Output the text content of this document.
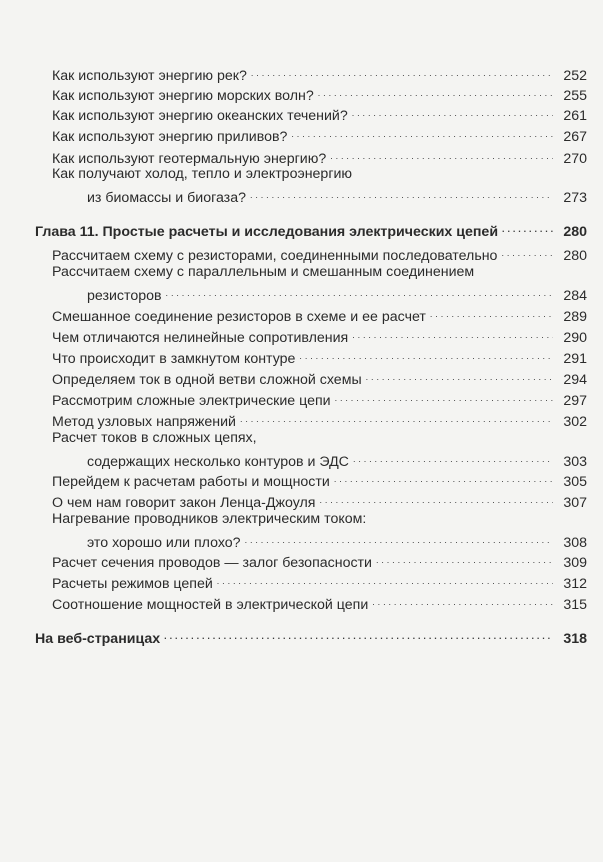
Как используют энергию рек? . . .	252
Как используют энергию морских волн? . . .	255
Как используют энергию океанских течений? . . .	261
Как используют энергию приливов? . . .	267
Как используют геотермальную энергию? . . .	270
Как получают холод, тепло и электроэнергию
из биомассы и биогаза? . . .	273
Глава 11. Простые расчеты и исследования электрических цепей . . .	280
Рассчитаем схему с резисторами, соединенными последовательно . . .	280
Рассчитаем схему с параллельным и смешанным соединением
резисторов . . .	284
Смешанное соединение резисторов в схеме и ее расчет . . .	289
Чем отличаются нелинейные сопротивления . . .	290
Что происходит в замкнутом контуре . . .	291
Определяем ток в одной ветви сложной схемы . . .	294
Рассмотрим сложные электрические цепи . . .	297
Метод узловых напряжений . . .	302
Расчет токов в сложных цепях,
содержащих несколько контуров и ЭДС . . .	303
Перейдем к расчетам работы и мощности . . .	305
О чем нам говорит закон Ленца-Джоуля . . .	307
Нагревание проводников электрическим током:
это хорошо или плохо? . . .	308
Расчет сечения проводов — залог безопасности . . .	309
Расчеты режимов цепей . . .	312
Соотношение мощностей в электрической цепи . . .	315
На веб-страницах . . .	318
